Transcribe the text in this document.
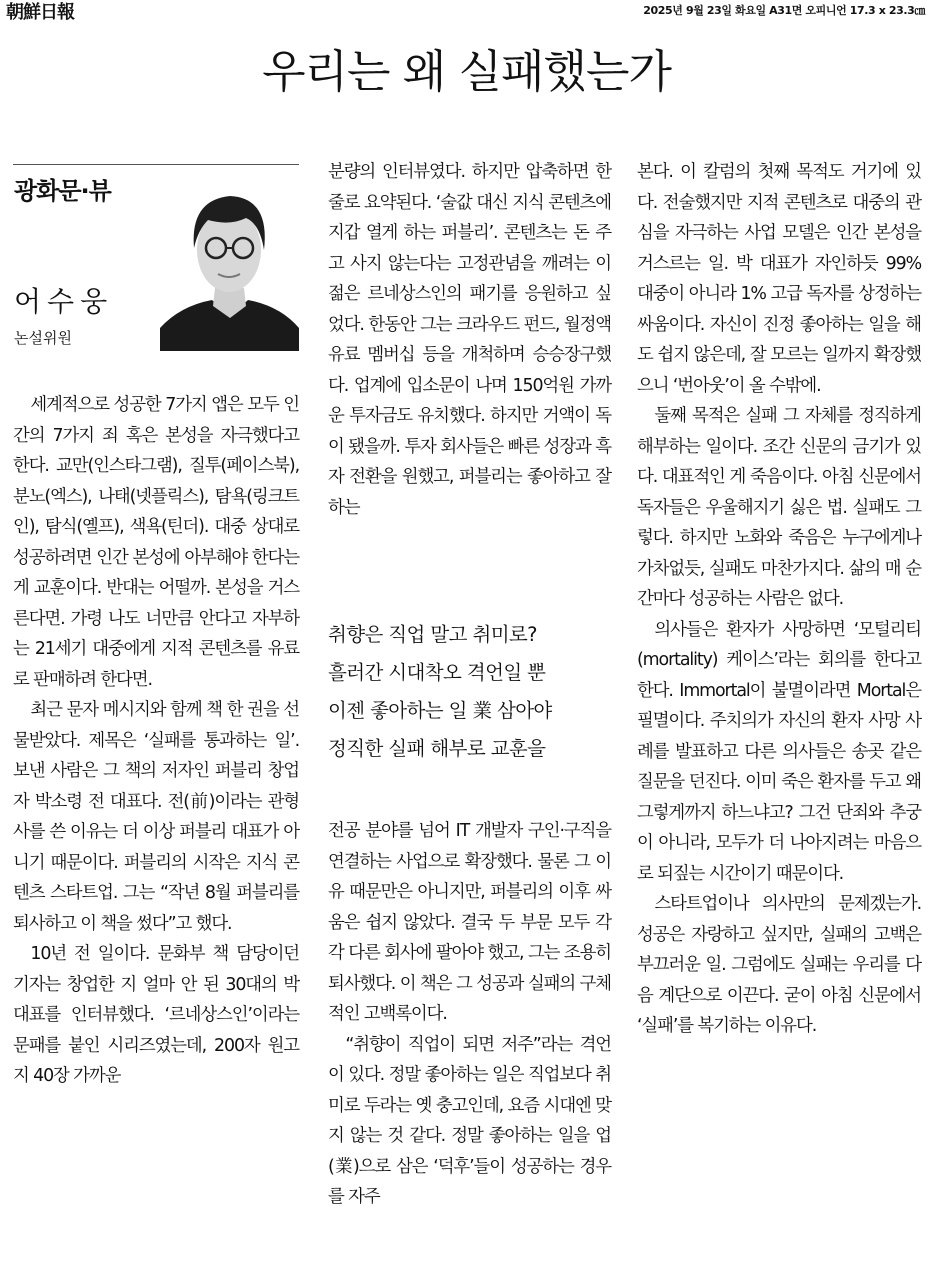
朝鮮日報	2025년 9월 23일 화요일 A31면 오피니언 17.3 x 23.3㎝
우리는 왜 실패했는가
광화문·뷰
어수웅
논설위원

세계적으로 성공한 7가지 앱은 모두 인간의 7가지 죄 혹은 본성을 자극했다고 한다. 교만(인스타그램), 질투(페이스북), 분노(엑스), 나태(넷플릭스), 탐욕(링크트인), 탐식(옐프), 색욕(틴더). 대중 상대로 성공하려면 인간 본성에 아부해야 한다는 게 교훈이다. 반대는 어떨까. 본성을 거스른다면. 가령 나도 너만큼 안다고 자부하는 21세기 대중에게 지적 콘텐츠를 유료로 판매하려 한다면.

최근 문자 메시지와 함께 책 한 권을 선물받았다. 제목은 ‘실패를 통과하는 일’. 보낸 사람은 그 책의 저자인 퍼블리 창업자 박소령 전 대표다. 전(前)이라는 관형사를 쓴 이유는 더 이상 퍼블리 대표가 아니기 때문이다. 퍼블리의 시작은 지식 콘텐츠 스타트업. 그는 “작년 8월 퍼블리를 퇴사하고 이 책을 썼다”고 했다.

10년 전 일이다. 문화부 책 담당이던 기자는 창업한 지 얼마 안 된 30대의 박 대표를 인터뷰했다. ‘르네상스인’이라는 문패를 붙인 시리즈였는데, 200자 원고지 40장 가까운

분량의 인터뷰였다. 하지만 압축하면 한 줄로 요약된다. ‘술값 대신 지식 콘텐츠에 지갑 열게 하는 퍼블리’. 콘텐츠는 돈 주고 사지 않는다는 고정관념을 깨려는 이 젊은 르네상스인의 패기를 응원하고 싶었다. 한동안 그는 크라우드 펀드, 월정액 유료 멤버십 등을 개척하며 승승장구했다. 업계에 입소문이 나며 150억원 가까운 투자금도 유치했다. 하지만 거액이 독이 됐을까. 투자 회사들은 빠른 성장과 흑자 전환을 원했고, 퍼블리는 좋아하고 잘하는

취향은 직업 말고 취미로?
흘러간 시대착오 격언일 뿐
이젠 좋아하는 일 業 삼아야
정직한 실패 해부로 교훈을

전공 분야를 넘어 IT 개발자 구인·구직을 연결하는 사업으로 확장했다. 물론 그 이유 때문만은 아니지만, 퍼블리의 이후 싸움은 쉽지 않았다. 결국 두 부문 모두 각각 다른 회사에 팔아야 했고, 그는 조용히 퇴사했다. 이 책은 그 성공과 실패의 구체적인 고백록이다.

“취향이 직업이 되면 저주”라는 격언이 있다. 정말 좋아하는 일은 직업보다 취미로 두라는 옛 충고인데, 요즘 시대엔 맞지 않는 것 같다. 정말 좋아하는 일을 업(業)으로 삼은 ‘덕후’들이 성공하는 경우를 자주

본다. 이 칼럼의 첫째 목적도 거기에 있다. 전술했지만 지적 콘텐츠로 대중의 관심을 자극하는 사업 모델은 인간 본성을 거스르는 일. 박 대표가 자인하듯 99% 대중이 아니라 1% 고급 독자를 상정하는 싸움이다. 자신이 진정 좋아하는 일을 해도 쉽지 않은데, 잘 모르는 일까지 확장했으니 ‘번아웃’이 올 수밖에.

둘째 목적은 실패 그 자체를 정직하게 해부하는 일이다. 조간 신문의 금기가 있다. 대표적인 게 죽음이다. 아침 신문에서 독자들은 우울해지기 싫은 법. 실패도 그렇다. 하지만 노화와 죽음은 누구에게나 가차없듯, 실패도 마찬가지다. 삶의 매 순간마다 성공하는 사람은 없다.

의사들은 환자가 사망하면 ‘모털리티(mortality) 케이스’라는 회의를 한다고 한다. Immortal이 불멸이라면 Mortal은 필멸이다. 주치의가 자신의 환자 사망 사례를 발표하고 다른 의사들은 송곳 같은 질문을 던진다. 이미 죽은 환자를 두고 왜 그렇게까지 하느냐고? 그건 단죄와 추궁이 아니라, 모두가 더 나아지려는 마음으로 되짚는 시간이기 때문이다.

스타트업이나 의사만의 문제겠는가. 성공은 자랑하고 싶지만, 실패의 고백은 부끄러운 일. 그럼에도 실패는 우리를 다음 계단으로 이끈다. 굳이 아침 신문에서 ‘실패’를 복기하는 이유다.
